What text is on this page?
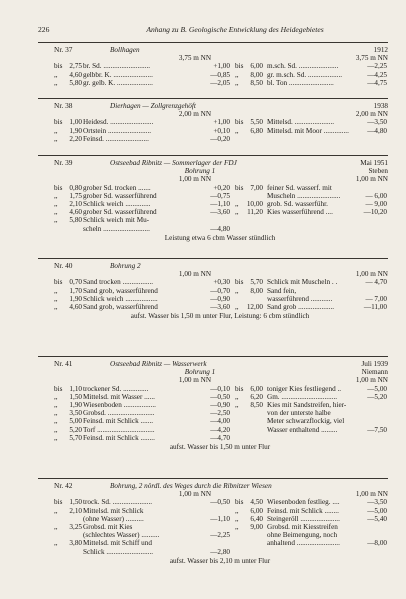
226	Anhang zu B. Geologische Entwicklung des Heidegebietes
Nr. 37	Bollhagen	1912
3,75 m NN	3,75 m NN
bis 2,75 br. Sd. ..........................	+1,00
,,	4,60 gelbbr. K. ......................	—0,85
,,	5,80 gr. gelb. K. ....................	—2,05
bis 6,00 m.sch. Sd. ......................	—2,25
,,	8,00 gr. m.sch. Sd. ...................	—4,25
,,	8,50 bl. Ton .........................	—4,75
Nr. 38	Dierhagen — Zollgrenzgehöft	1938
2,00 m NN	2,00 m NN
bis 1,00 Heidesd. ........................	+1,00
,,	1,90 Ortstein ........................	+0,10
,,	2,20 Feinsd. ........................	—0,20
bis 5,50 Mittelsd. ......................	—3,50
,,	6,80 Mittelsd. mit Moor ..............	—4,80
Nr. 39	Ostseebad Ribnitz — Sommerlager der FDJ	Mai 1951
Bohrung 1	Steben
1,00 m NN	1,00 m NN
bis 0,80 grober Sd. trocken .......	+0,20
,,	1,75 grober Sd. wasserführend	—0,75
,,	2,10 Schlick weich ..............	—1,10
,,	4,60 grober Sd. wasserführend	—3,60
,,	5,80 Schlick weich mit Mu-
scheln ..........................	—4,80
bis 7,00 feiner Sd. wasserf. mit
Muscheln ........................	— 6,00
,,	10,00 grob. Sd. wasserführ.	— 9,00
,,	11,20 Kies wasserführend ....	—10,20
Leistung etwa 6 cbm Wasser stündlich
Nr. 40	Bohrung 2
1,00 m NN	1,00 m NN
bis 0,70 Sand trocken .................	+0,30
,,	1,70 Sand grob, wasserführend	—0,70
,,	1,90 Schlick weich ..................	—0,90
,,	4,60 Sand grob, wasserführend	—3,60
bis 5,70 Schlick mit Muscheln . .	— 4,70
,,	8,00 Sand fein,
wasserführend ............	— 7,00
,,	12,00 Sand grob ....................	—11,00
aufst. Wasser bis 1,50 m unter Flur, Leistung: 6 cbm stündlich
Nr. 41	Ostseebad Ribnitz — Wasserwerk	Juli 1939
Bohrung 1	Niemann
1,00 m NN	1,00 m NN
bis 1,10 trockener Sd. ..............	—0,10
,,	1,50 Mittelsd. mit Wasser ......	—0,50
,,	1,90 Wiesenboden ..................	—0,90
,,	3,50 Grobsd. ..........................	—2,50
,,	5,00 Feinsd. mit Schlick .......	—4,00
,,	5,20 Torf ................................	—4,20
,,	5,70 Feinsd. mit Schlick ........	—4,70
bis 6,00 toniger Kies festliegend ..	—5,00
,,	6,20 Gm. ...............................	—5,20
,,	8,50 Kies mit Sandstreifen, hier-
von der unterste halbe
Meter schwarzflockig, viel
Wasser enthaltend .........	—7,50
aufst. Wasser bis 1,50 m unter Flur
Nr. 42	Bohrung, 2 nördl. des Weges durch die Ribnitzer Wiesen
1,00 m NN	1,00 m NN
bis 1,50 trock. Sd. ......................	—0,50
,,	2,10 Mittelsd. mit Schlick
(ohne Wasser) ..........	—1,10
,,	3,25 Grobsd. mit Kies
(schlechtes Wasser) ..........	—2,25
,,	3,80 Mittelsd. mit Schiff und
Schlick ..........................	—2,80
bis 4,50 Wiesenboden festlieg. ....	—3,50
,,	6,00 Feinsd. mit Schlick ........	—5,00
,,	6,40 Steingeröll ......................	—5,40
,,	9,00 Grobsd. mit Kiesstreifen
ohne Beimengung, noch
anhaltend ........................	—8,00
aufst. Wasser bis 2,10 m unter Flur
